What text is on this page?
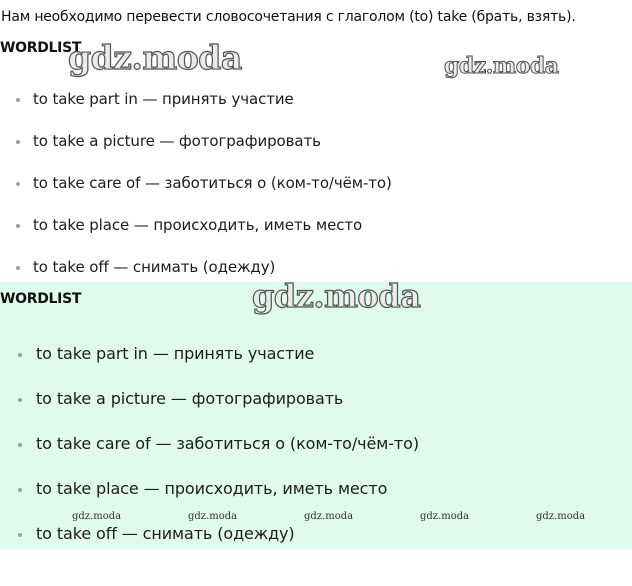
Нам необходимо перевести словосочетания с глаголом (to) take (брать, взять).

WORDLIST
gdz.moda	gdz.moda
to take part in — принять участие
to take a picture — фотографировать
to take care of — заботиться о (ком-то/чём-то)
to take place — происходить, иметь место
to take off — снимать (одежду)
WORDLIST	gdz.moda
to take part in — принять участие
to take a picture — фотографировать
to take care of — заботиться о (ком-то/чём-то)
to take place — происходить, иметь место
to take off — снимать (одежду)
gdz.moda	gdz.moda	gdz.moda	gdz.moda	gdz.moda
